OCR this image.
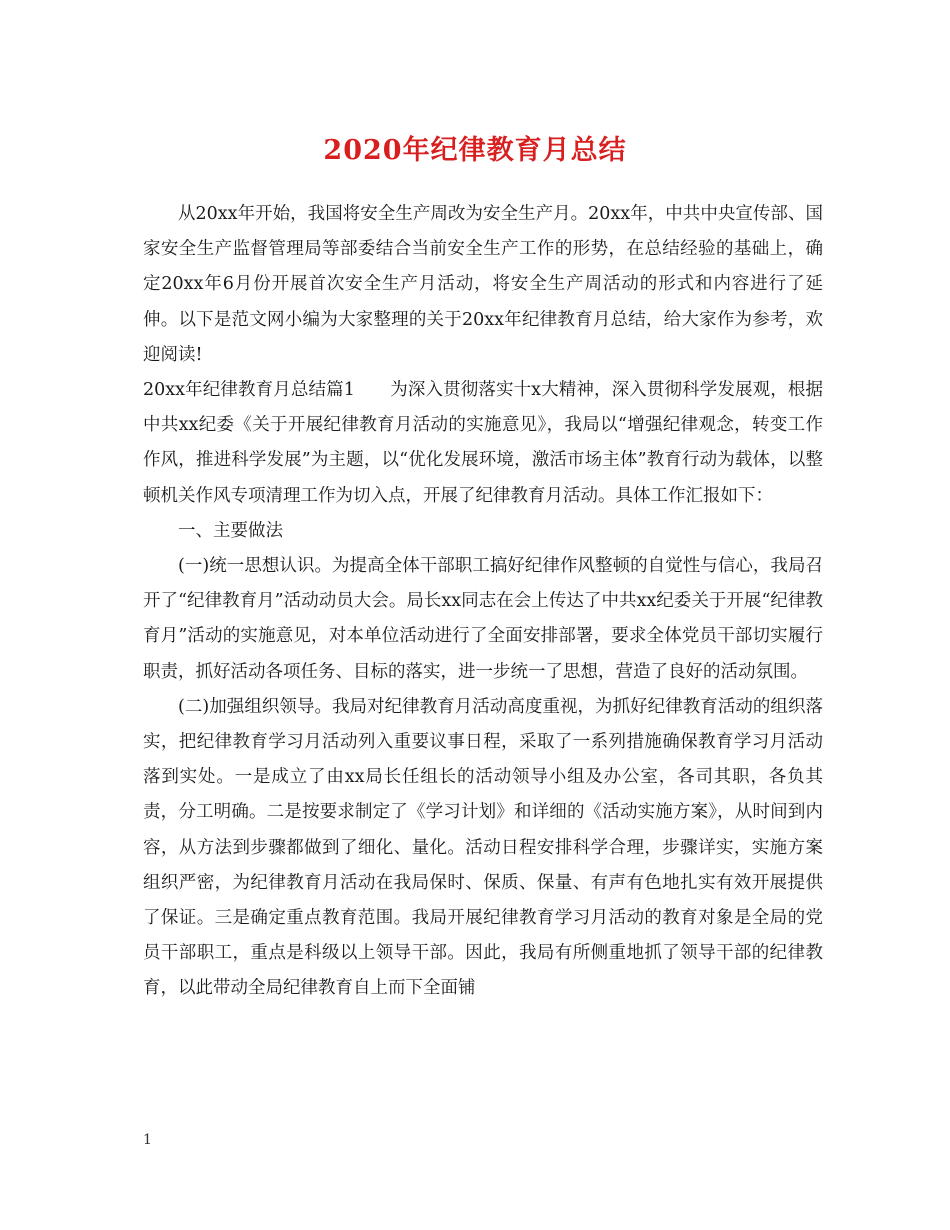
2020年纪律教育月总结

从20xx年开始，我国将安全生产周改为安全生产月。20xx年，中共中央宣传部、国家安全生产监督管理局等部委结合当前安全生产工作的形势，在总结经验的基础上，确定20xx年6月份开展首次安全生产月活动，将安全生产周活动的形式和内容进行了延伸。以下是范文网小编为大家整理的关于20xx年纪律教育月总结，给大家作为参考，欢迎阅读!

20xx年纪律教育月总结篇1　　为深入贯彻落实十x大精神，深入贯彻科学发展观，根据中共xx纪委《关于开展纪律教育月活动的实施意见》，我局以“增强纪律观念，转变工作作风，推进科学发展”为主题，以“优化发展环境，激活市场主体”教育行动为载体，以整顿机关作风专项清理工作为切入点，开展了纪律教育月活动。具体工作汇报如下：

一、主要做法

(一)统一思想认识。为提高全体干部职工搞好纪律作风整顿的自觉性与信心，我局召开了“纪律教育月”活动动员大会。局长xx同志在会上传达了中共xx纪委关于开展“纪律教育月”活动的实施意见，对本单位活动进行了全面安排部署，要求全体党员干部切实履行职责，抓好活动各项任务、目标的落实，进一步统一了思想，营造了良好的活动氛围。

(二)加强组织领导。我局对纪律教育月活动高度重视，为抓好纪律教育活动的组织落实，把纪律教育学习月活动列入重要议事日程，采取了一系列措施确保教育学习月活动落到实处。一是成立了由xx局长任组长的活动领导小组及办公室，各司其职，各负其责，分工明确。二是按要求制定了《学习计划》和详细的《活动实施方案》，从时间到内容，从方法到步骤都做到了细化、量化。活动日程安排科学合理，步骤详实，实施方案组织严密，为纪律教育月活动在我局保时、保质、保量、有声有色地扎实有效开展提供了保证。三是确定重点教育范围。我局开展纪律教育学习月活动的教育对象是全局的党员干部职工，重点是科级以上领导干部。因此，我局有所侧重地抓了领导干部的纪律教育，以此带动全局纪律教育自上而下全面铺

1
